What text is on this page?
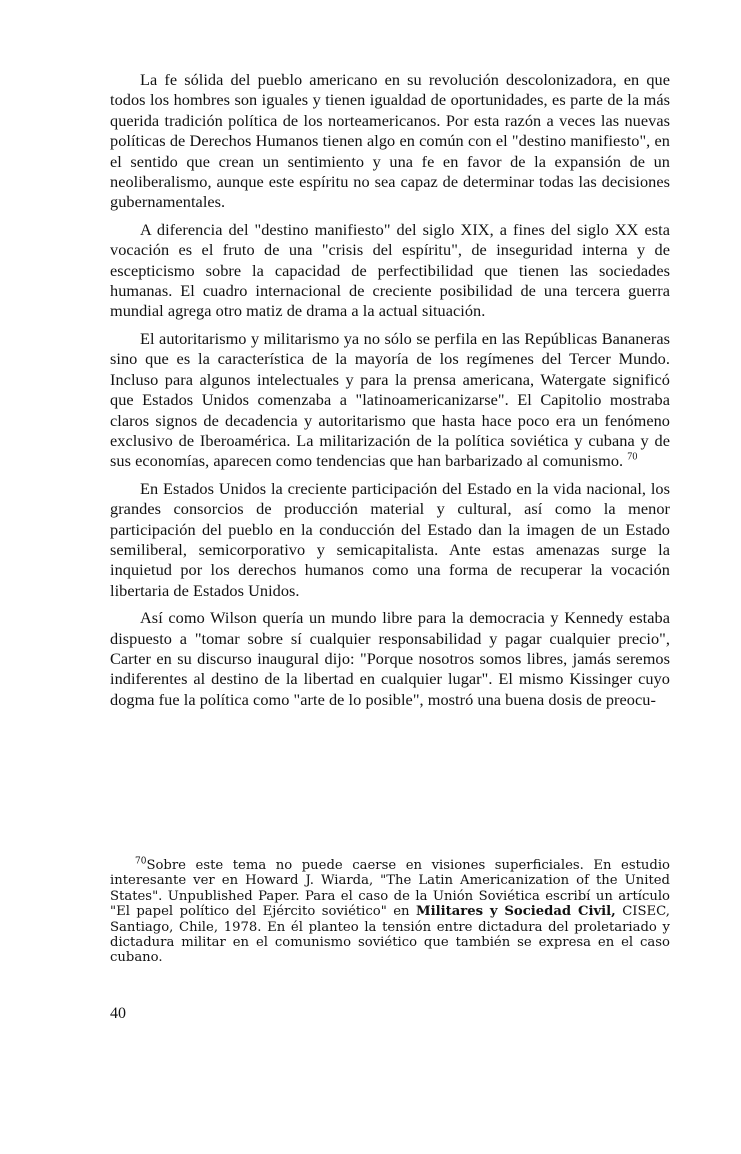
La fe sólida del pueblo americano en su revolución descolonizadora, en que todos los hombres son iguales y tienen igualdad de oportunidades, es parte de la más querida tradición política de los norteamericanos. Por esta razón a veces las nuevas políticas de Derechos Humanos tienen algo en común con el "destino manifiesto", en el sentido que crean un sentimiento y una fe en favor de la expansión de un neoliberalismo, aunque este espíritu no sea capaz de determinar todas las decisiones gubernamentales.

A diferencia del "destino manifiesto" del siglo XIX, a fines del siglo XX esta vocación es el fruto de una "crisis del espíritu", de inseguridad interna y de escepticismo sobre la capacidad de perfectibilidad que tienen las sociedades humanas. El cuadro internacional de creciente posibilidad de una tercera guerra mundial agrega otro matiz de drama a la actual situación.

El autoritarismo y militarismo ya no sólo se perfila en las Repúblicas Bananeras sino que es la característica de la mayoría de los regímenes del Tercer Mundo. Incluso para algunos intelectuales y para la prensa americana, Watergate significó que Estados Unidos comenzaba a "latinoamericanizarse". El Capitolio mostraba claros signos de decadencia y autoritarismo que hasta hace poco era un fenómeno exclusivo de Iberoamérica. La militarización de la política soviética y cubana y de sus economías, aparecen como tendencias que han barbarizado al comunismo. $^{70}$

En Estados Unidos la creciente participación del Estado en la vida nacional, los grandes consorcios de producción material y cultural, así como la menor participación del pueblo en la conducción del Estado dan la imagen de un Estado semiliberal, semicorporativo y semicapitalista. Ante estas amenazas surge la inquietud por los derechos humanos como una forma de recuperar la vocación libertaria de Estados Unidos.

Así como Wilson quería un mundo libre para la democracia y Kennedy estaba dispuesto a "tomar sobre sí cualquier responsabilidad y pagar cualquier precio", Carter en su discurso inaugural dijo: "Porque nosotros somos libres, jamás seremos indiferentes al destino de la libertad en cualquier lugar". El mismo Kissinger cuyo dogma fue la política como "arte de lo posible", mostró una buena dosis de preocu-

$^{70}$Sobre este tema no puede caerse en visiones superficiales. En estudio interesante ver en Howard J. Wiarda, "The Latin Americanization of the United States". Unpublished Paper. Para el caso de la Unión Soviética escribí un artículo "El papel político del Ejército soviético" en Militares y Sociedad Civil, CISEC, Santiago, Chile, 1978. En él planteo la tensión entre dictadura del proletariado y dictadura militar en el comunismo soviético que también se expresa en el caso cubano.

40
